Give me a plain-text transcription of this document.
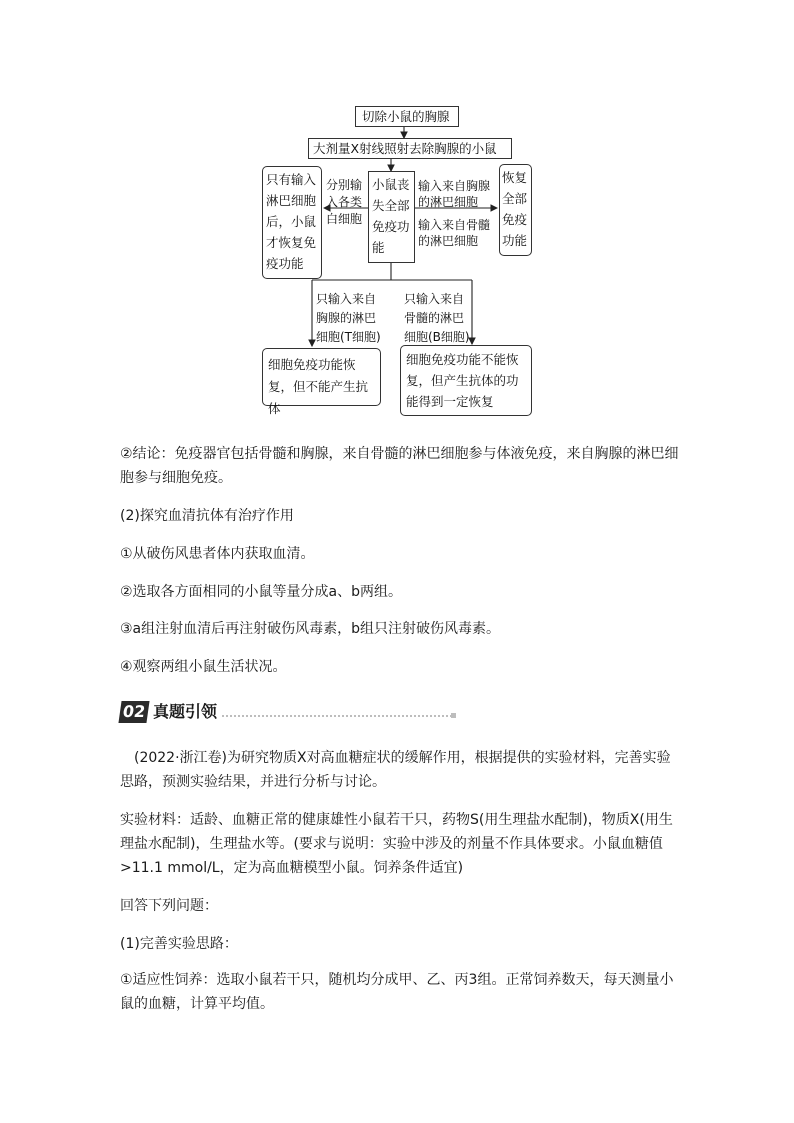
切除小鼠的胸腺
大剂量X射线照射去除胸腺的小鼠
小鼠丧失全部免疫功能
只有输入淋巴细胞后，小鼠才恢复免疫功能
恢复全部免疫功能
分别输入各类白细胞
输入来自胸腺的淋巴细胞
输入来自骨髓的淋巴细胞
只输入来自胸腺的淋巴细胞(T细胞)
只输入来自骨髓的淋巴细胞(B细胞)
细胞免疫功能恢复，但不能产生抗体
细胞免疫功能不能恢复，但产生抗体的功能得到一定恢复
②结论：免疫器官包括骨髓和胸腺，来自骨髓的淋巴细胞参与体液免疫，来自胸腺的淋巴细胞参与细胞免疫。
(2)探究血清抗体有治疗作用
①从破伤风患者体内获取血清。
②选取各方面相同的小鼠等量分成a、b两组。
③a组注射血清后再注射破伤风毒素，b组只注射破伤风毒素。
④观察两组小鼠生活状况。
02 真题引领
(2022·浙江卷)为研究物质X对高血糖症状的缓解作用，根据提供的实验材料，完善实验思路，预测实验结果，并进行分析与讨论。
实验材料：适龄、血糖正常的健康雄性小鼠若干只，药物S(用生理盐水配制)，物质X(用生理盐水配制)，生理盐水等。(要求与说明：实验中涉及的剂量不作具体要求。小鼠血糖值>11.1 mmol/L，定为高血糖模型小鼠。饲养条件适宜)
回答下列问题：
(1)完善实验思路：
①适应性饲养：选取小鼠若干只，随机均分成甲、乙、丙3组。正常饲养数天，每天测量小鼠的血糖，计算平均值。
